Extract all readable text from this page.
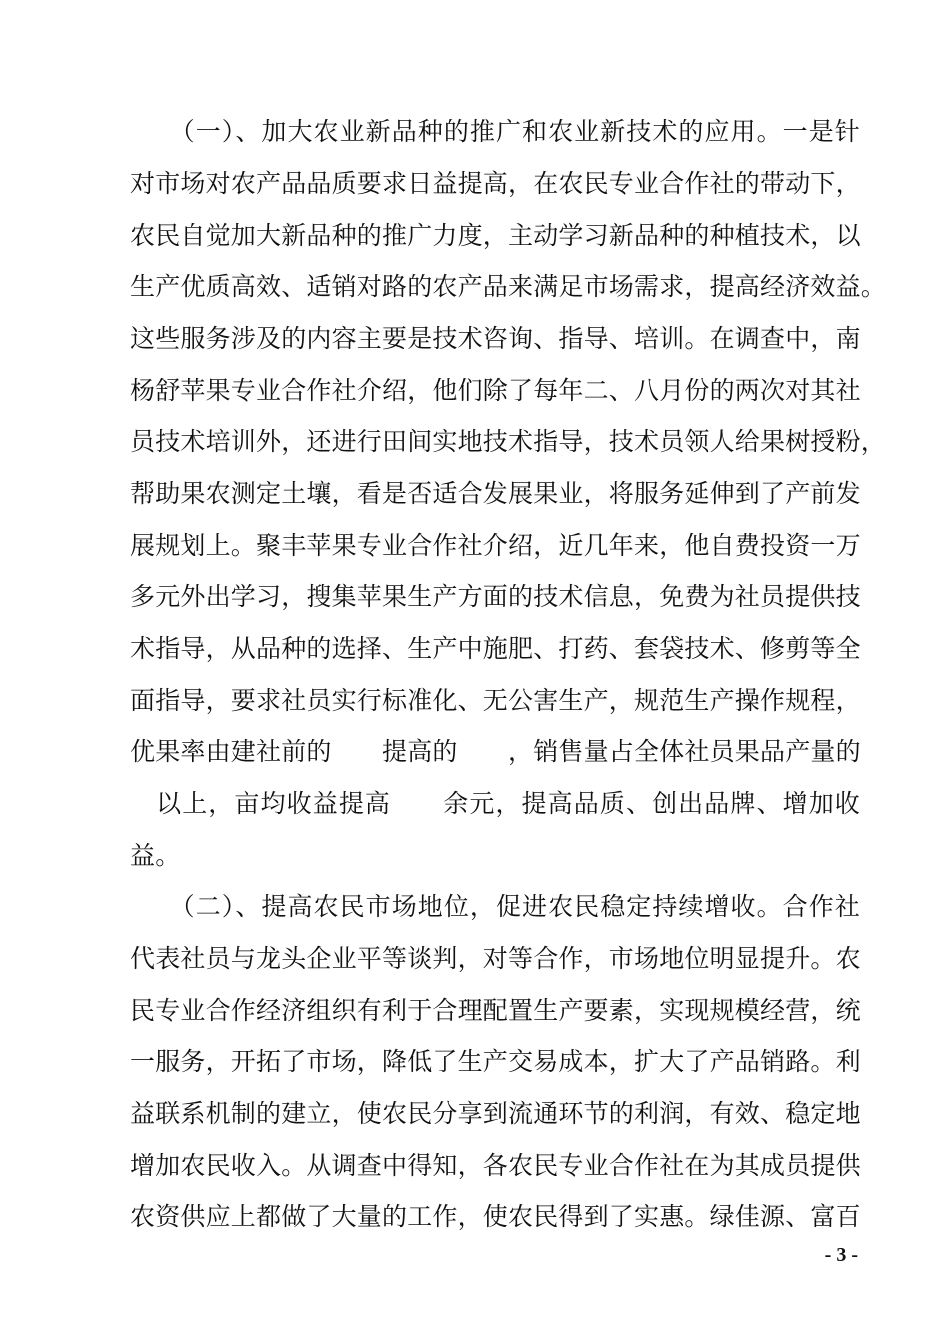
　　（一）、加大农业新品种的推广和农业新技术的应用。一是针
对市场对农产品品质要求日益提高，在农民专业合作社的带动下，
农民自觉加大新品种的推广力度，主动学习新品种的种植技术，以
生产优质高效、适销对路的农产品来满足市场需求，提高经济效益。
这些服务涉及的内容主要是技术咨询、指导、培训。在调查中，南
杨舒苹果专业合作社介绍，他们除了每年二、八月份的两次对其社
员技术培训外，还进行田间实地技术指导，技术员领人给果树授粉，
帮助果农测定土壤，看是否适合发展果业，将服务延伸到了产前发
展规划上。聚丰苹果专业合作社介绍，近几年来，他自费投资一万
多元外出学习，搜集苹果生产方面的技术信息，免费为社员提供技
术指导，从品种的选择、生产中施肥、打药、套袋技术、修剪等全
面指导，要求社员实行标准化、无公害生产，规范生产操作规程，
优果率由建社前的　　提高的　　，销售量占全体社员果品产量的
　以上，亩均收益提高　　余元，提高品质、创出品牌、增加收
益。
　　（二）、提高农民市场地位，促进农民稳定持续增收。合作社
代表社员与龙头企业平等谈判，对等合作，市场地位明显提升。农
民专业合作经济组织有利于合理配置生产要素，实现规模经营，统
一服务，开拓了市场，降低了生产交易成本，扩大了产品销路。利
益联系机制的建立，使农民分享到流通环节的利润，有效、稳定地
增加农民收入。从调查中得知，各农民专业合作社在为其成员提供
农资供应上都做了大量的工作，使农民得到了实惠。绿佳源、富百
- 3 -
